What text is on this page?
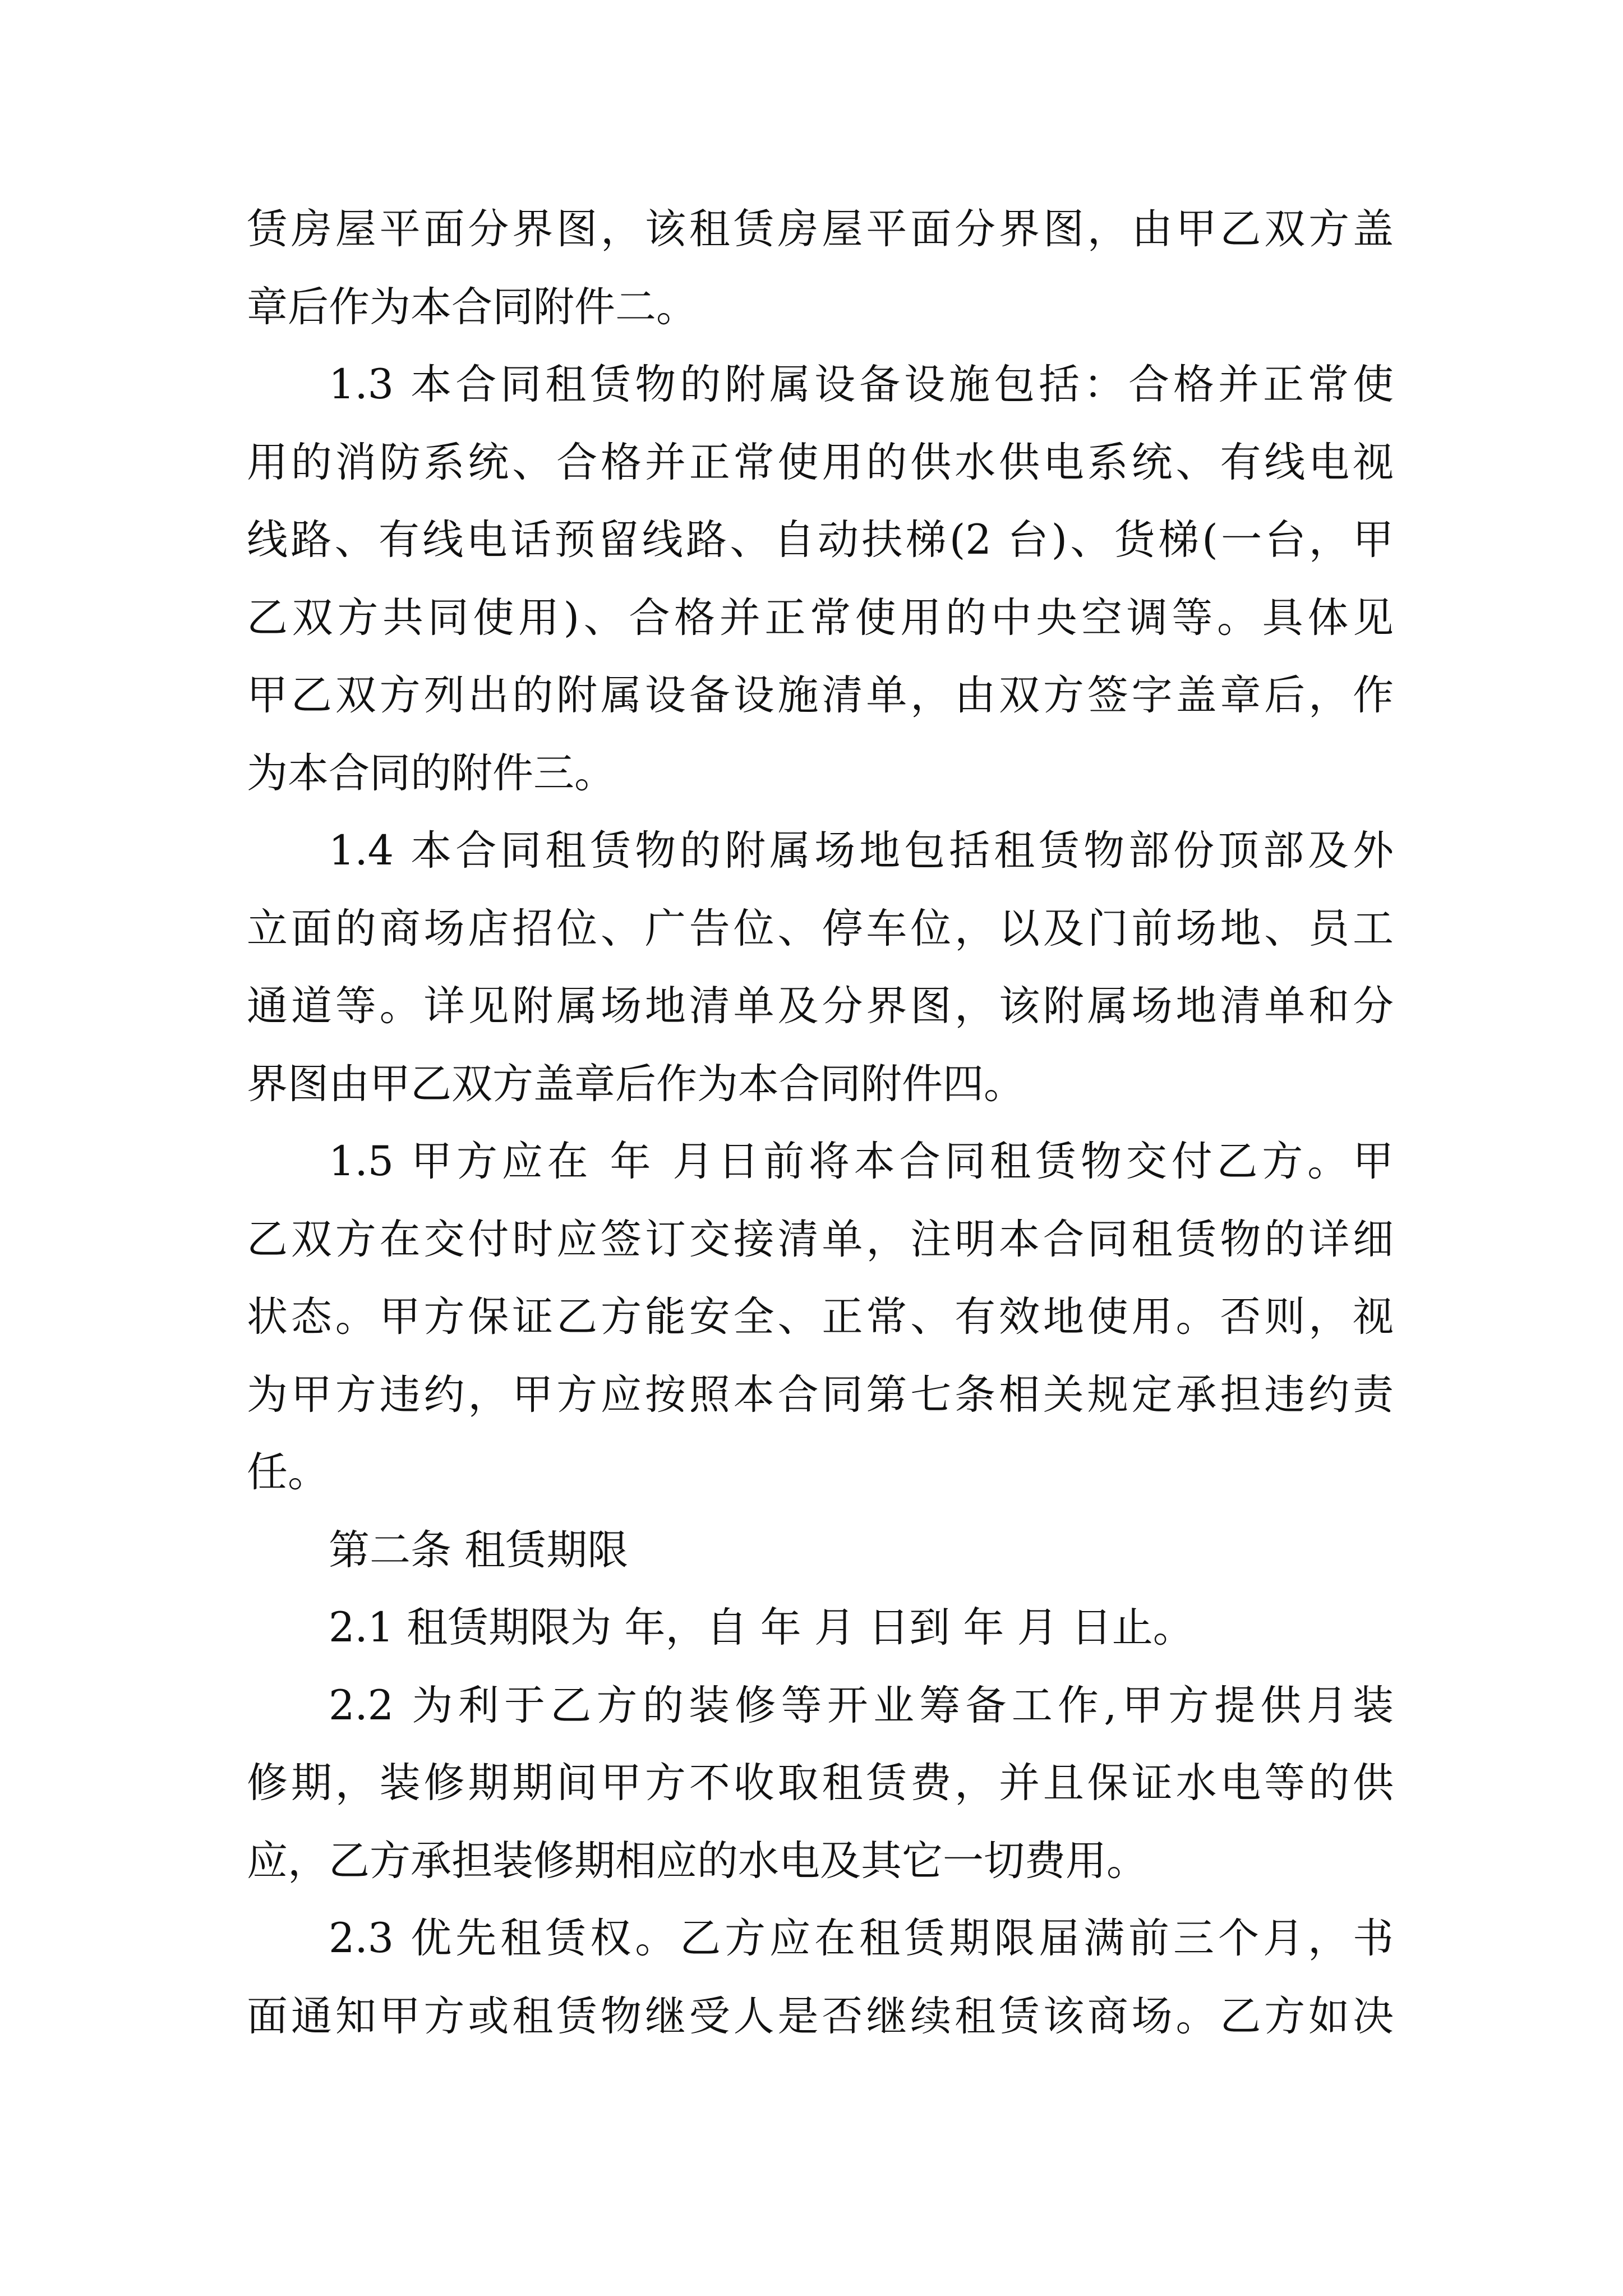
赁房屋平面分界图，该租赁房屋平面分界图，由甲乙双方盖
章后作为本合同附件二。
1.3 本合同租赁物的附属设备设施包括：合格并正常使
用的消防系统、合格并正常使用的供水供电系统、有线电视
线路、有线电话预留线路、自动扶梯(2 台)、货梯(一台，甲
乙双方共同使用)、合格并正常使用的中央空调等。具体见
甲乙双方列出的附属设备设施清单，由双方签字盖章后，作
为本合同的附件三。
1.4 本合同租赁物的附属场地包括租赁物部份顶部及外
立面的商场店招位、广告位、停车位，以及门前场地、员工
通道等。详见附属场地清单及分界图，该附属场地清单和分
界图由甲乙双方盖章后作为本合同附件四。
1.5 甲方应在 年 月日前将本合同租赁物交付乙方。甲
乙双方在交付时应签订交接清单，注明本合同租赁物的详细
状态。甲方保证乙方能安全、正常、有效地使用。否则，视
为甲方违约，甲方应按照本合同第七条相关规定承担违约责
任。
第二条 租赁期限
2.1 租赁期限为 年，自 年 月 日到 年 月 日止。
2.2 为利于乙方的装修等开业筹备工作,甲方提供月装
修期，装修期期间甲方不收取租赁费，并且保证水电等的供
应，乙方承担装修期相应的水电及其它一切费用。
2.3 优先租赁权。乙方应在租赁期限届满前三个月，书
面通知甲方或租赁物继受人是否继续租赁该商场。乙方如决
